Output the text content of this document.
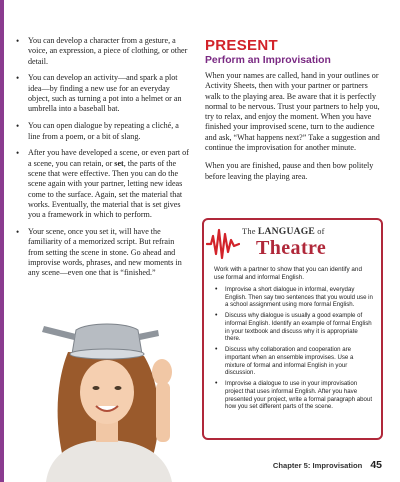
• You can develop a character from a gesture, a voice, an expression, a piece of clothing, or other detail.
• You can develop an activity—and spark a plot idea—by finding a new use for an everyday object, such as turning a pot into a helmet or an umbrella into a baseball bat.
• You can open dialogue by repeating a cliché, a line from a poem, or a bit of slang.
• After you have developed a scene, or even part of a scene, you can retain, or set, the parts of the scene that were effective. Then you can do the scene again with your partner, letting new ideas come to the surface. Again, set the material that works. Eventually, the material that is set gives you a framework in which to perform.
• Your scene, once you set it, will have the familiarity of a memorized script. But refrain from setting the scene in stone. Go ahead and improvise words, phrases, and new moments in any scene—even one that is “finished.”
PRESENT
Perform an Improvisation

When your names are called, hand in your outlines or Activity Sheets, then with your partner or partners walk to the playing area. Be aware that it is perfectly normal to be nervous. Trust your partners to help you, try to relax, and enjoy the moment. When you have finished your improvised scene, turn to the audience and ask, “What happens next?” Take a suggestion and continue the improvisation for another minute.

When you are finished, pause and then bow politely before leaving the playing area.

The LANGUAGE of
Theatre
Work with a partner to show that you can identify and use formal and informal English.
• Improvise a short dialogue in informal, everyday English. Then say two sentences that you would use in a school assignment using more formal English.
• Discuss why dialogue is usually a good example of informal English. Identify an example of formal English in your textbook and discuss why it is appropriate there.
• Discuss why collaboration and cooperation are important when an ensemble improvises. Use a mixture of formal and informal English in your discussion.
• Improvise a dialogue to use in your improvisation project that uses informal English. After you have presented your project, write a formal paragraph about how you set different parts of the scene.
Chapter 5: Improvisation 45
